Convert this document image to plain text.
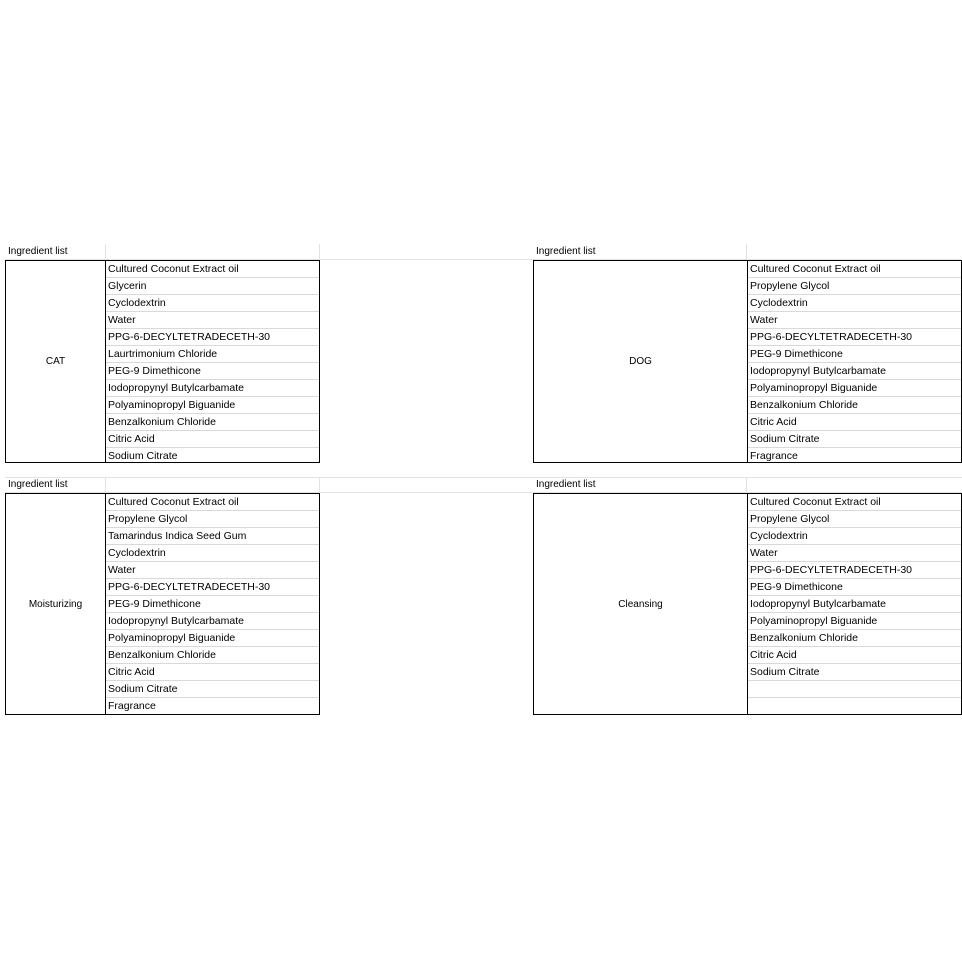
Ingredient list
CAT
Cultured Coconut Extract oil
Glycerin
Cyclodextrin
Water
PPG-6-DECYLTETRADECETH-30
Laurtrimonium Chloride
PEG-9 Dimethicone
Iodopropynyl Butylcarbamate
Polyaminopropyl Biguanide
Benzalkonium Chloride
Citric Acid
Sodium Citrate
Ingredient list
DOG
Cultured Coconut Extract oil
Propylene Glycol
Cyclodextrin
Water
PPG-6-DECYLTETRADECETH-30
PEG-9 Dimethicone
Iodopropynyl Butylcarbamate
Polyaminopropyl Biguanide
Benzalkonium Chloride
Citric Acid
Sodium Citrate
Fragrance
Ingredient list
Moisturizing
Cultured Coconut Extract oil
Propylene Glycol
Tamarindus Indica Seed Gum
Cyclodextrin
Water
PPG-6-DECYLTETRADECETH-30
PEG-9 Dimethicone
Iodopropynyl Butylcarbamate
Polyaminopropyl Biguanide
Benzalkonium Chloride
Citric Acid
Sodium Citrate
Fragrance
Ingredient list
Cleansing
Cultured Coconut Extract oil
Propylene Glycol
Cyclodextrin
Water
PPG-6-DECYLTETRADECETH-30
PEG-9 Dimethicone
Iodopropynyl Butylcarbamate
Polyaminopropyl Biguanide
Benzalkonium Chloride
Citric Acid
Sodium Citrate
